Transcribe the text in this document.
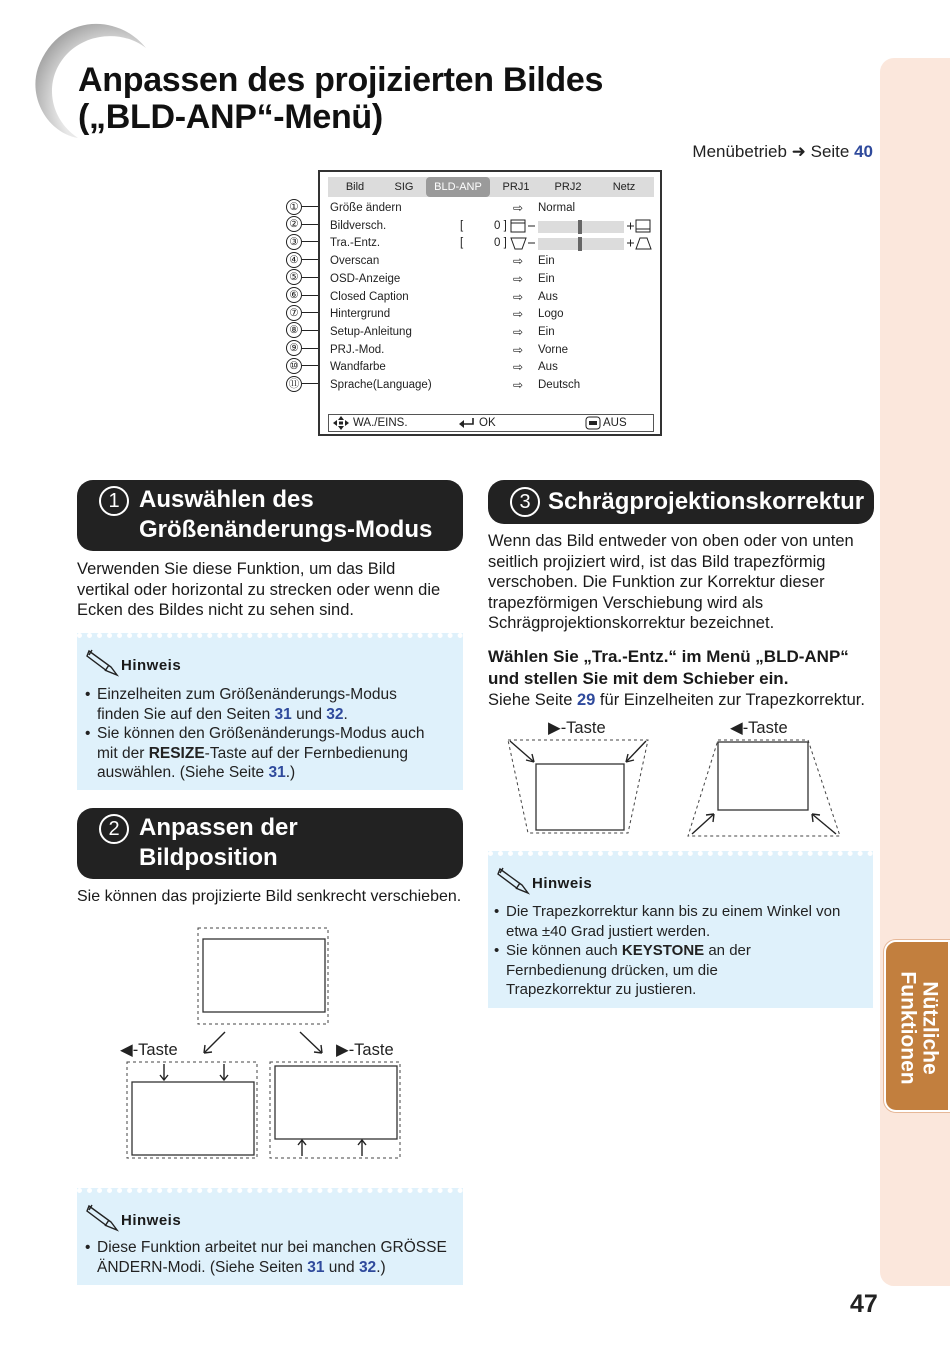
Anpassen des projizierten Bildes
(„BLD-ANP“-Menü)
Menübetrieb ➜ Seite 40
Nützliche
Funktionen
①
②
③
④
⑤
⑥
⑦
⑧
⑨
⑩
⑪
Bild	SIG	BLD-ANP	PRJ1	PRJ2	Netz
Größe ändern	⇨ Normal
Bildversch.	[	0 ]
Tra.-Entz.	[	0 ]
Overscan	⇨ Ein
OSD-Anzeige	⇨ Ein
Closed Caption	⇨ Aus
Hintergrund	⇨ Logo
Setup-Anleitung	⇨ Ein
PRJ.-Mod.	⇨ Vorne
Wandfarbe	⇨ Aus
Sprache(Language)	⇨ Deutsch
WA./EINS.	OK	AUS
1 Auswählen des
Größenänderungs-Modus
Verwenden Sie diese Funktion, um das Bild
vertikal oder horizontal zu strecken oder wenn die
Ecken des Bildes nicht zu sehen sind.
Hinweis
• Einzelheiten zum Größenänderungs-Modus
finden Sie auf den Seiten 31 und 32.
• Sie können den Größenänderungs-Modus auch
mit der RESIZE-Taste auf der Fernbedienung
auswählen. (Siehe Seite 31.)
2 Anpassen der
Bildposition
Sie können das projizierte Bild senkrecht verschieben.
◀-Taste	▶-Taste
Hinweis
• Diese Funktion arbeitet nur bei manchen GRÖSSE
ÄNDERN-Modi. (Siehe Seiten 31 und 32.)
3 Schrägprojektionskorrektur
Wenn das Bild entweder von oben oder von unten
seitlich projiziert wird, ist das Bild trapezförmig
verschoben. Die Funktion zur Korrektur dieser
trapezförmigen Verschiebung wird als
Schrägprojektionskorrektur bezeichnet.
Wählen Sie „Tra.-Entz.“ im Menü „BLD-ANP“
und stellen Sie mit dem Schieber ein.
Siehe Seite 29 für Einzelheiten zur Trapezkorrektur.
▶-Taste	◀-Taste
Hinweis
• Die Trapezkorrektur kann bis zu einem Winkel von
etwa ±40 Grad justiert werden.
• Sie können auch KEYSTONE an der
Fernbedienung drücken, um die
Trapezkorrektur zu justieren.
47
